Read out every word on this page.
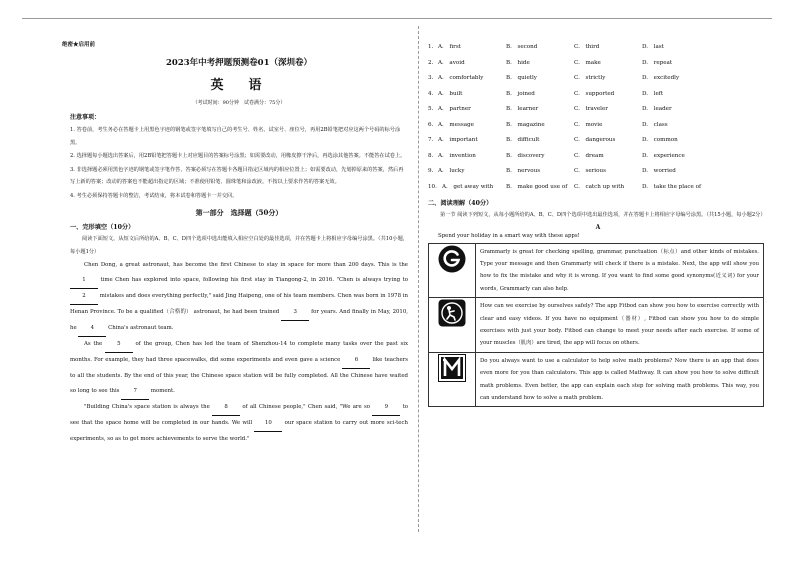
绝密★启用前
2023年中考押题预测卷01（深圳卷）
英　语
（考试时间：90分钟　试卷满分：75分）
注意事项：
1. 答卷前，考生务必在答题卡上用黑色字迹的钢笔或签字笔填写自己的考生号、姓名、试室号、座位号，再用2B铅笔把对应这两个号码的标号涂黑。
2. 选择题每小题选出答案后，用2B铅笔把答题卡上对应题目的答案标号涂黑；如需要改动，用橡皮擦干净后，再选涂其他答案。不能答在试卷上。
3. 非选择题必须用黑色字迹的钢笔或签字笔作答，答案必须写在答题卡各题目指定区域内的相应位置上；如需要改动，先划掉原来的答案，然后再写上新的答案；改动的答案也不能超出指定的区域；不准使用铅笔、圆珠笔和涂改液。不按以上要求作答的答案无效。
4. 考生必须保持答题卡的整洁，考试结束，将本试卷和答题卡一并交回。
第一部分　选择题（50分）
一、完形填空（10分）
阅读下面短文，从短文后所给的A、B、C、D四个选项中选出能填入相应空白处的最佳选项，并在答题卡上将相应字母编号涂黑。（共10小题，每小题1分）

Chen Dong, a great astronaut, has become the first Chinese to stay in space for more than 200 days. This is the 1 time Chen has explored into space, following his first stay in Tiangong-2, in 2016. "Chen is always trying to 2 mistakes and does everything perfectly," said Jing Haipeng, one of his team members. Chen was born in 1978 in Henan Province. To be a qualified（合格的） astronaut, he had been trained 3 for years. And finally in May, 2010, he 4 China's astronaut team.

As the 5 of the group, Chen has led the team of Shenzhou-14 to complete many tasks over the past six months. For example, they had three spacewalks, did some experiments and even gave a science 6 like teachers to all the students. By the end of this year, the Chinese space station will be fully completed. All the Chinese have waited so long to see this 7 moment.

"Building China's space station is always the 8 of all Chinese people," Chen said, "We are so 9 to see that the space home will be completed in our hands. We will 10 our space station to carry out more sci-tech experiments, so as to get more achievements to serve the world."

1. A.　first	B.　second	C.　third	D.　last
2. A.　avoid	B.　hide	C.　make	D.　repeat
3. A.　comfortably	B.　quietly	C.　strictly	D.　excitedly
4. A.　built	B.　joined	C.　supported	D.　left
5. A.　partner	B.　learner	C.　traveler	D.　leader
6. A.　message	B.　magazine	C.　movie	D.　class
7. A.　important	B.　difficult	C.　dangerous	D.　common
8. A.　invention	B.　discovery	C.　dream	D.　experience
9. A.　lucky	B.　nervous	C.　serious	D.　worried
10. A.　get away with	B.　make good use of	C.　catch up with	D.　take the place of
二、阅读理解（40分）
第一节 阅读下列短文，从每小题所给的A、B、C、D四个选项中选出最佳选项，并在答题卡上将相应字母编号涂黑。（共15小题，每小题2分）
A
Spend your holiday in a smart way with these apps!
	Grammarly is great for checking spelling, grammar, punctuation（标点）and other kinds of mistakes. Type your message and then Grammarly will check if there is a mistake. Next, the app will show you how to fix the mistake and why it is wrong. If you want to find some good synonyms(近义词) for your words, Grammarly can also help.
	How can we exercise by ourselves safely? The app Fitbod can show you how to exercise correctly with clear and easy videos. If you have no equipment（器材）, Fitbod can show you how to do simple exercises with just your body. Fitbod can change to meet your needs after each exercise. If some of your muscles（肌肉）are tired, the app will focus on others.
	Do you always want to use a calculator to help solve math problems? Now there is an app that does even more for you than calculators. This app is called Mathway. It can show you how to solve difficult math problems. Even better, the app can explain each step for solving math problems. This way, you can understand how to solve a math problem.
